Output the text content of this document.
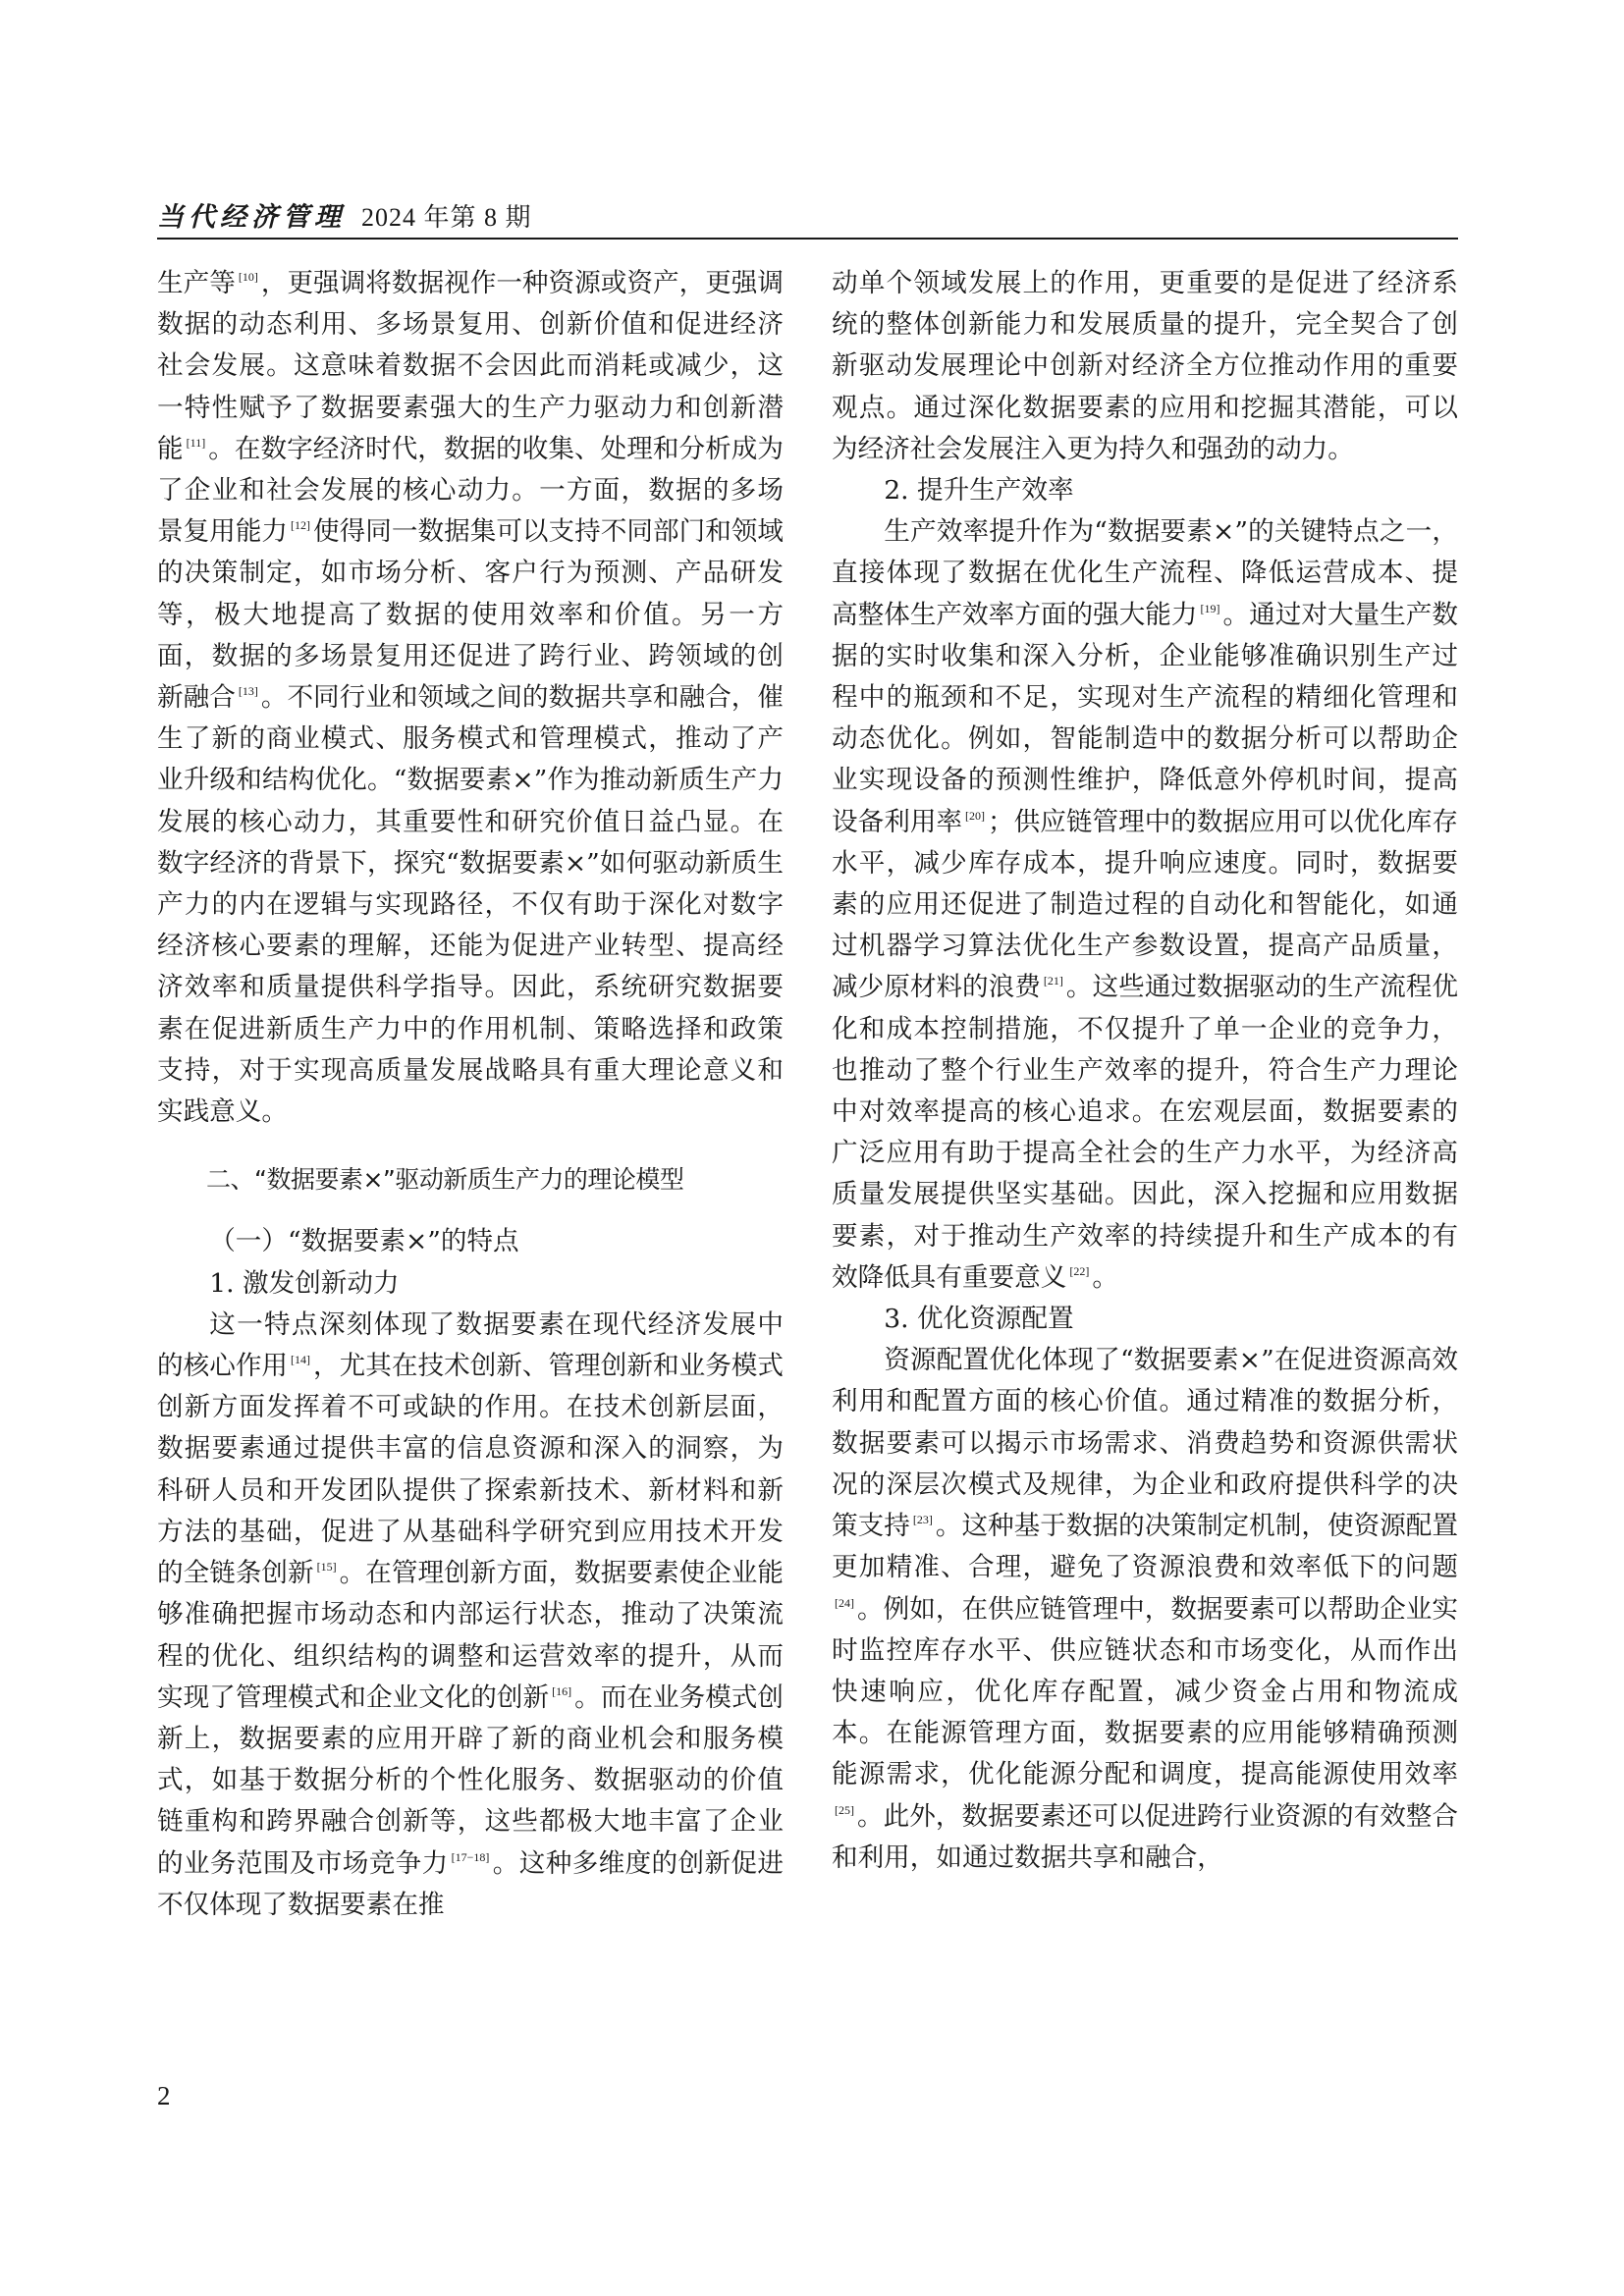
当代经济管理 2024 年第 8 期

生产等 [10] ，更强调将数据视作一种资源或资产，更强调数据的动态利用、多场景复用、创新价值和促进经济社会发展。这意味着数据不会因此而消耗或减少，这一特性赋予了数据要素强大的生产力驱动力和创新潜能 [11] 。在数字经济时代，数据的收集、处理和分析成为了企业和社会发展的核心动力。一方面，数据的多场景复用能力 [12] 使得同一数据集可以支持不同部门和领域的决策制定，如市场分析、客户行为预测、产品研发等，极大地提高了数据的使用效率和价值。另一方面，数据的多场景复用还促进了跨行业、跨领域的创新融合 [13] 。不同行业和领域之间的数据共享和融合，催生了新的商业模式、服务模式和管理模式，推动了产业升级和结构优化。“数据要素×”作为推动新质生产力发展的核心动力，其重要性和研究价值日益凸显。在数字经济的背景下，探究“数据要素×”如何驱动新质生产力的内在逻辑与实现路径，不仅有助于深化对数字经济核心要素的理解，还能为促进产业转型、提高经济效率和质量提供科学指导。因此，系统研究数据要素在促进新质生产力中的作用机制、策略选择和政策支持，对于实现高质量发展战略具有重大理论意义和实践意义。

二、“数据要素×”驱动新质生产力的理论模型
（一）“数据要素×”的特点
1. 激发创新动力

这一特点深刻体现了数据要素在现代经济发展中的核心作用 [14] ，尤其在技术创新、管理创新和业务模式创新方面发挥着不可或缺的作用。在技术创新层面，数据要素通过提供丰富的信息资源和深入的洞察，为科研人员和开发团队提供了探索新技术、新材料和新方法的基础，促进了从基础科学研究到应用技术开发的全链条创新 [15] 。在管理创新方面，数据要素使企业能够准确把握市场动态和内部运行状态，推动了决策流程的优化、组织结构的调整和运营效率的提升，从而实现了管理模式和企业文化的创新 [16] 。而在业务模式创新上，数据要素的应用开辟了新的商业机会和服务模式，如基于数据分析的个性化服务、数据驱动的价值链重构和跨界融合创新等，这些都极大地丰富了企业的业务范围及市场竞争力 [17−18] 。这种多维度的创新促进不仅体现了数据要素在推

动单个领域发展上的作用，更重要的是促进了经济系统的整体创新能力和发展质量的提升，完全契合了创新驱动发展理论中创新对经济全方位推动作用的重要观点。通过深化数据要素的应用和挖掘其潜能，可以为经济社会发展注入更为持久和强劲的动力。

2. 提升生产效率

生产效率提升作为“数据要素×”的关键特点之一，直接体现了数据在优化生产流程、降低运营成本、提高整体生产效率方面的强大能力 [19] 。通过对大量生产数据的实时收集和深入分析，企业能够准确识别生产过程中的瓶颈和不足，实现对生产流程的精细化管理和动态优化。例如，智能制造中的数据分析可以帮助企业实现设备的预测性维护，降低意外停机时间，提高设备利用率 [20] ；供应链管理中的数据应用可以优化库存水平，减少库存成本，提升响应速度。同时，数据要素的应用还促进了制造过程的自动化和智能化，如通过机器学习算法优化生产参数设置，提高产品质量，减少原材料的浪费 [21] 。这些通过数据驱动的生产流程优化和成本控制措施，不仅提升了单一企业的竞争力，也推动了整个行业生产效率的提升，符合生产力理论中对效率提高的核心追求。在宏观层面，数据要素的广泛应用有助于提高全社会的生产力水平，为经济高质量发展提供坚实基础。因此，深入挖掘和应用数据要素，对于推动生产效率的持续提升和生产成本的有效降低具有重要意义 [22] 。

3. 优化资源配置

资源配置优化体现了“数据要素×”在促进资源高效利用和配置方面的核心价值。通过精准的数据分析，数据要素可以揭示市场需求、消费趋势和资源供需状况的深层次模式及规律，为企业和政府提供科学的决策支持 [23] 。这种基于数据的决策制定机制，使资源配置更加精准、合理，避免了资源浪费和效率低下的问题[24] 。例如，在供应链管理中，数据要素可以帮助企业实时监控库存水平、供应链状态和市场变化，从而作出快速响应，优化库存配置，减少资金占用和物流成本。在能源管理方面，数据要素的应用能够精确预测能源需求，优化能源分配和调度，提高能源使用效率[25] 。此外，数据要素还可以促进跨行业资源的有效整合和利用，如通过数据共享和融合，

2
